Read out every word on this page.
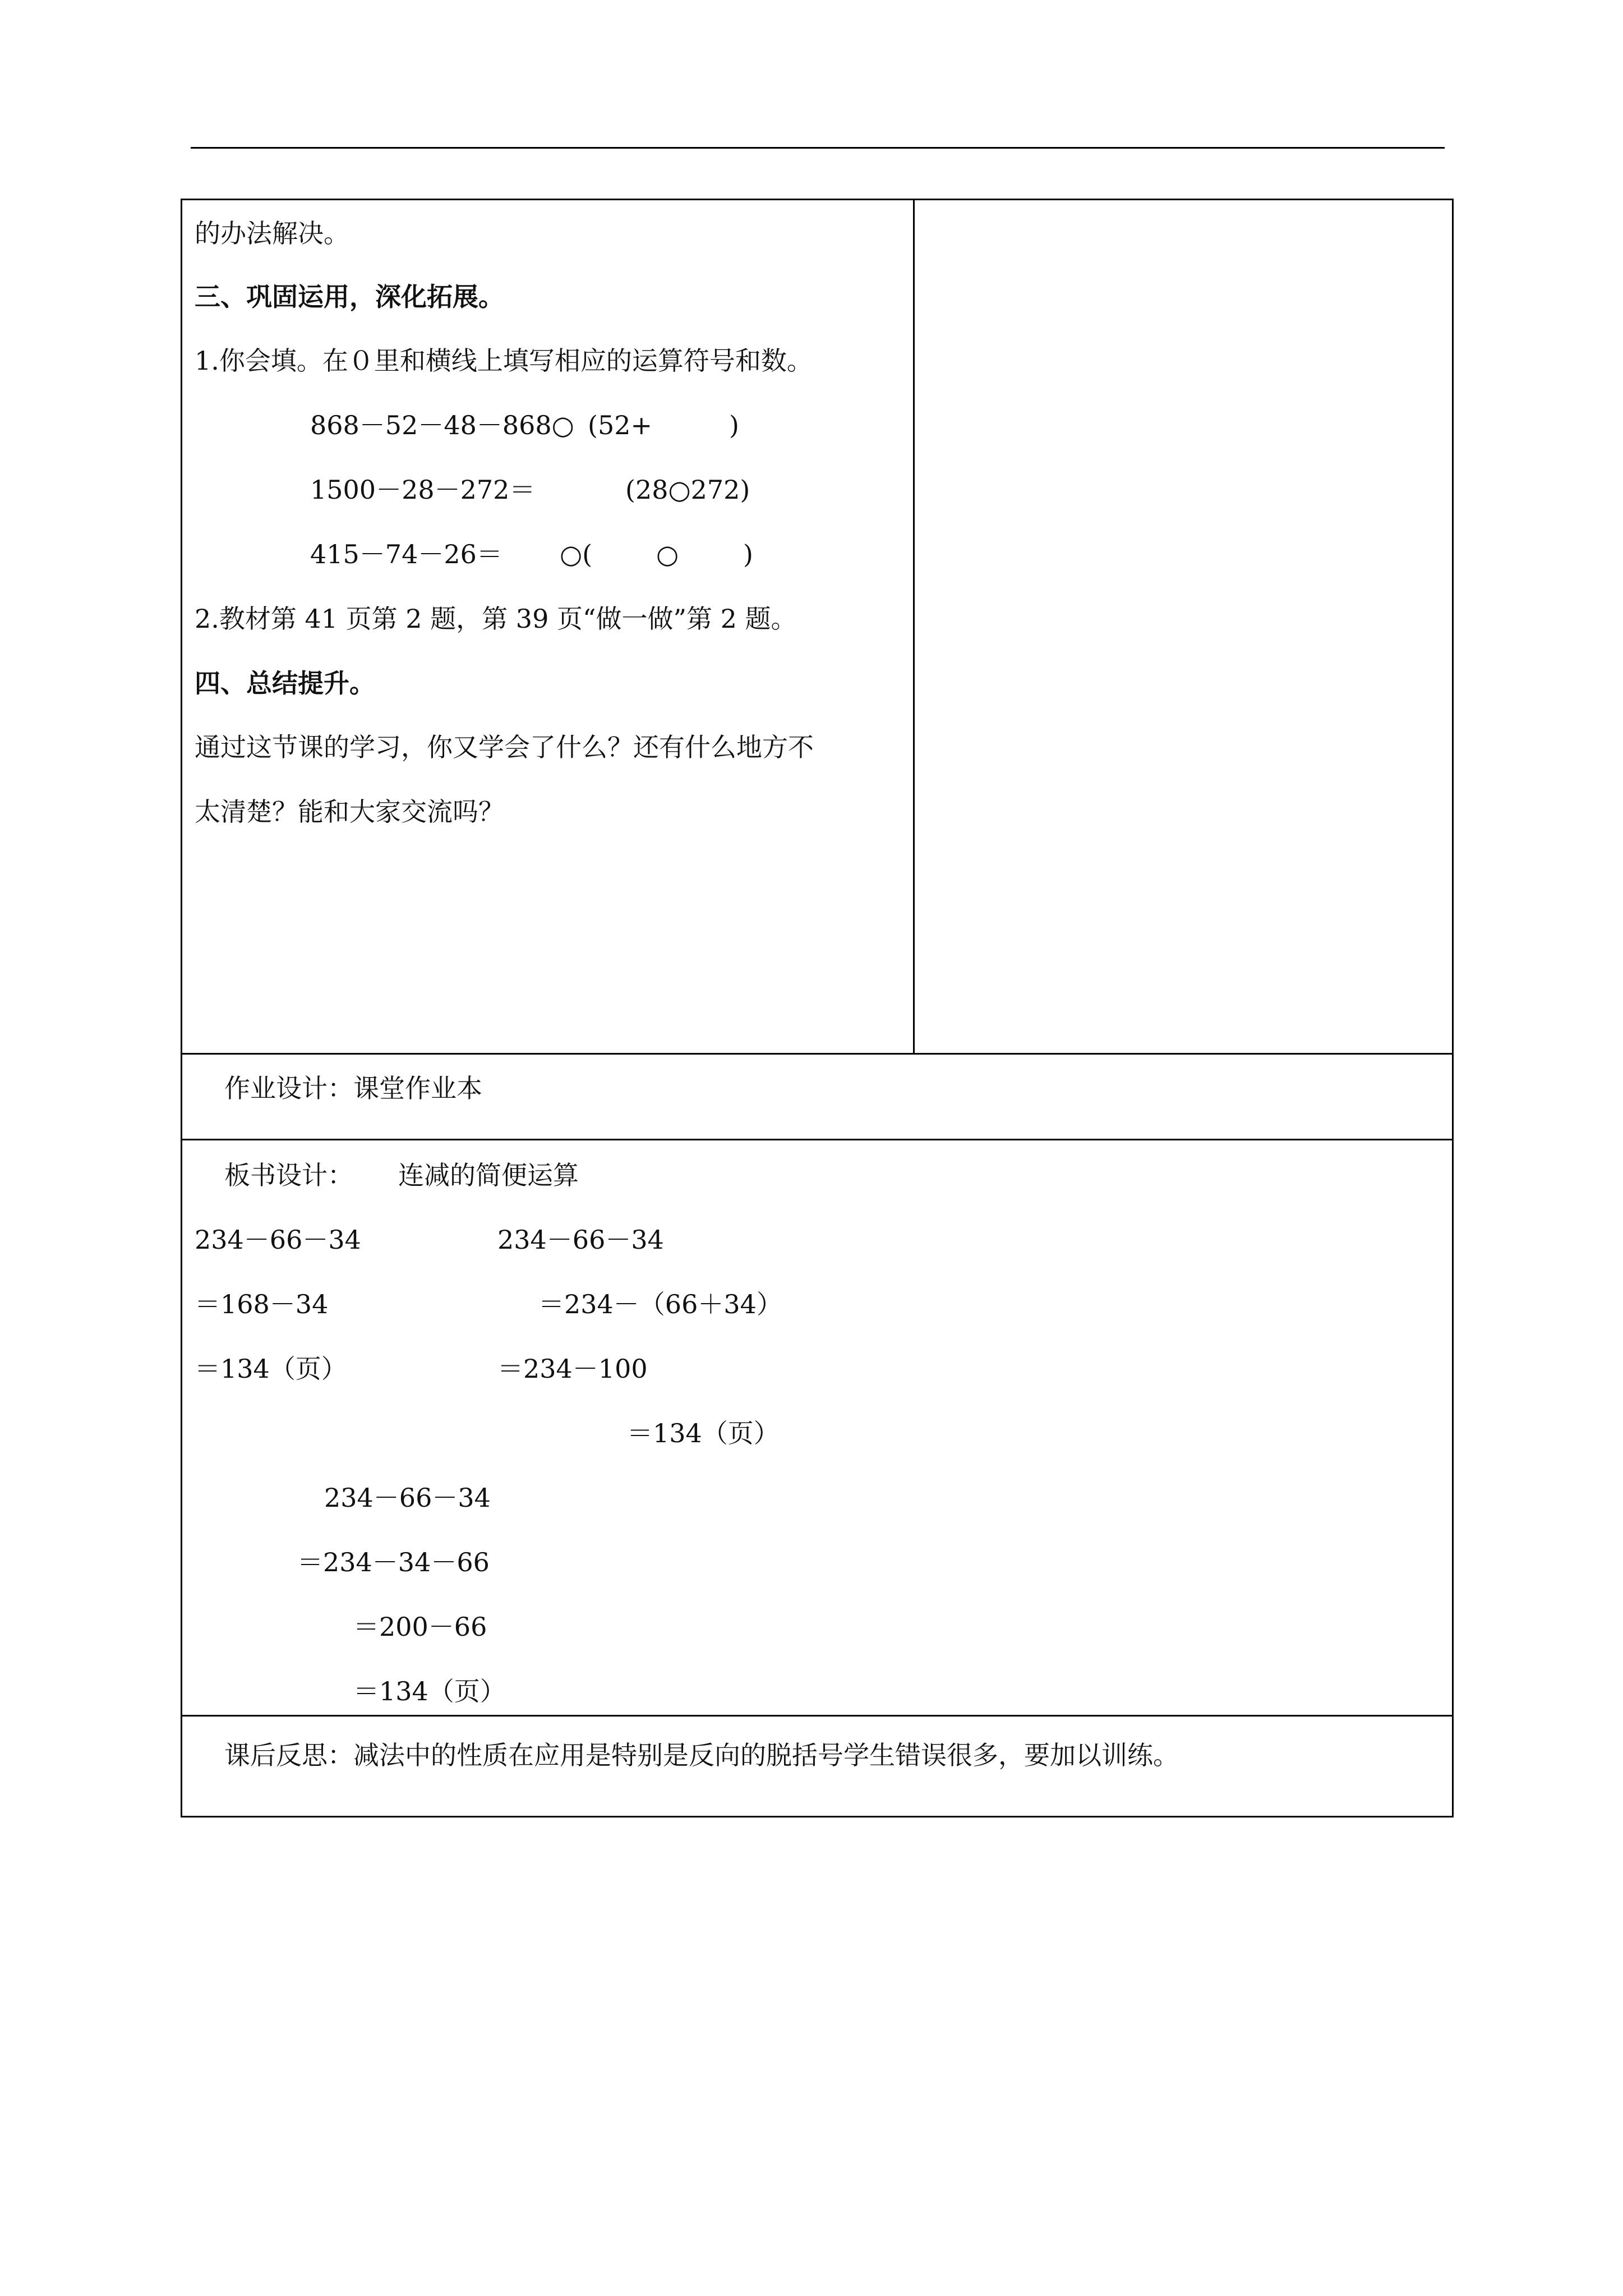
的办法解决。
三、巩固运用，深化拓展。
1.你会填。在０里和横线上填写相应的运算符号和数。
868－52－48－868○ (52+	)
1500－28－272＝	(28○272)
415－74－26＝ ○( ○ )
2.教材第 41 页第 2 题，第 39 页“做一做”第 2 题。
四、总结提升。
通过这节课的学习，你又学会了什么？还有什么地方不
太清楚？能和大家交流吗？
作业设计：课堂作业本
板书设计： 连减的简便运算
234－66－34
＝168－34
＝134（页）
234－66－34
＝234－（66＋34）
＝234－100
＝134（页）
234－66－34
＝234－34－66
＝200－66
＝134（页）
课后反思：减法中的性质在应用是特别是反向的脱括号学生错误很多，要加以训练。
